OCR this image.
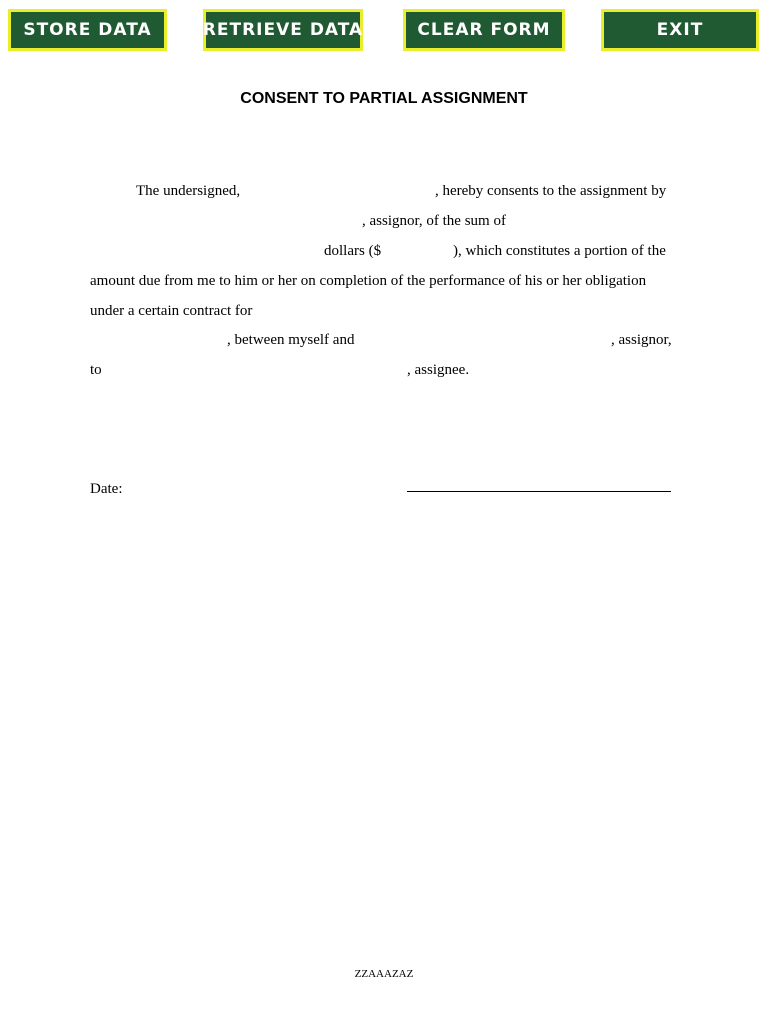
STORE DATA	RETRIEVE DATA	CLEAR FORM	EXIT
CONSENT TO PARTIAL ASSIGNMENT
The undersigned,	, hereby consents to the assignment by
, assignor, of the sum of
dollars ($	), which constitutes a portion of the
amount due from me to him or her on completion of the performance of his or her obligation
under a certain contract for
, between myself and	, assignor,
to	, assignee.
Date:
ZZAAAZAZ
